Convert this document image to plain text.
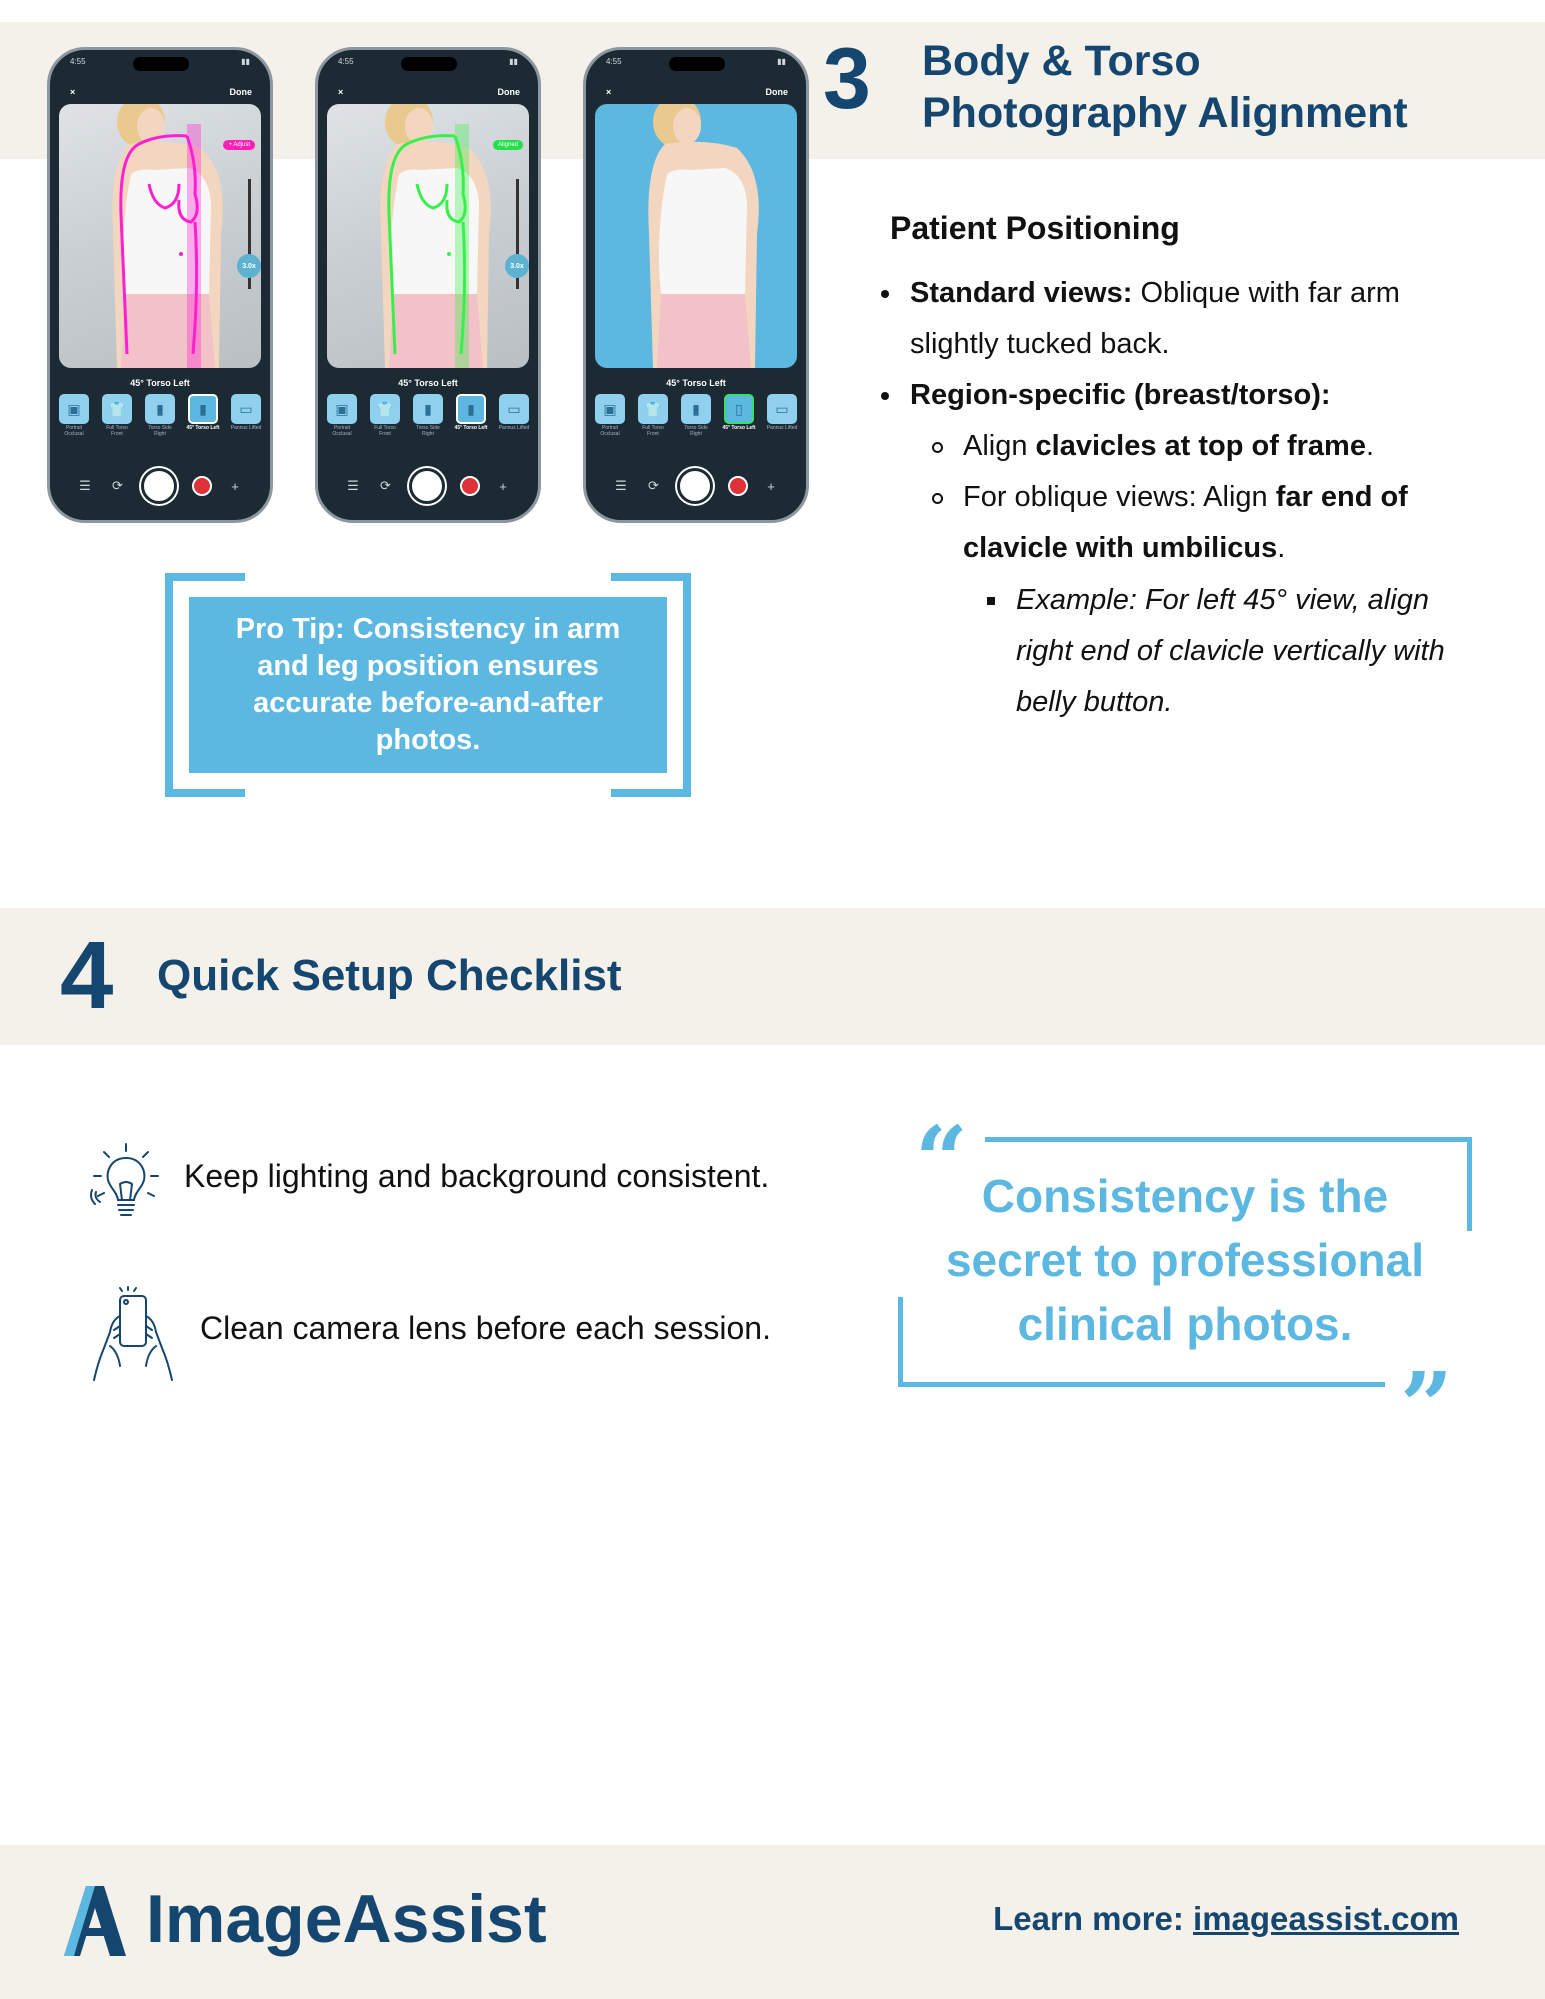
3 Body & Torso
Photography Alignment
4:55	▮▮
×	Done
+ Adjust
3.0x
45° Torso Left
▣
Portrait Occlusal
👕
Full Torso Front
▮
Torso Side Right
▮
45° Torso Left
▭
Pannus Lifted
☰ ⟳	+
4:55	▮▮
×	Done
Aligned
3.0x
45° Torso Left
▣
Portrait Occlusal
👕
Full Torso Front
▮
Torso Side Right
▮
45° Torso Left
▭
Pannus Lifted
☰ ⟳	+
4:55	▮▮
×	Done
45° Torso Left
▣
Portrait Occlusal
👕
Full Torso Front
▮
Torso Side Right
▯
45° Torso Left
▭
Pannus Lifted
☰ ⟳	+
Pro Tip: Consistency in arm and leg position ensures accurate before-and-after photos.
Patient Positioning
Standard views: Oblique with far arm
slightly tucked back.
Region-specific (breast/torso):
Align clavicles at top of frame.
For oblique views: Align far end of
clavicle with umbilicus.
Example: For left 45° view, align
right end of clavicle vertically with
belly button.
4 Quick Setup Checklist
Keep lighting and background consistent.
Clean camera lens before each session.
“
”
Consistency is the
secret to professional
clinical photos.
ImageAssist	Learn more: imageassist.com
